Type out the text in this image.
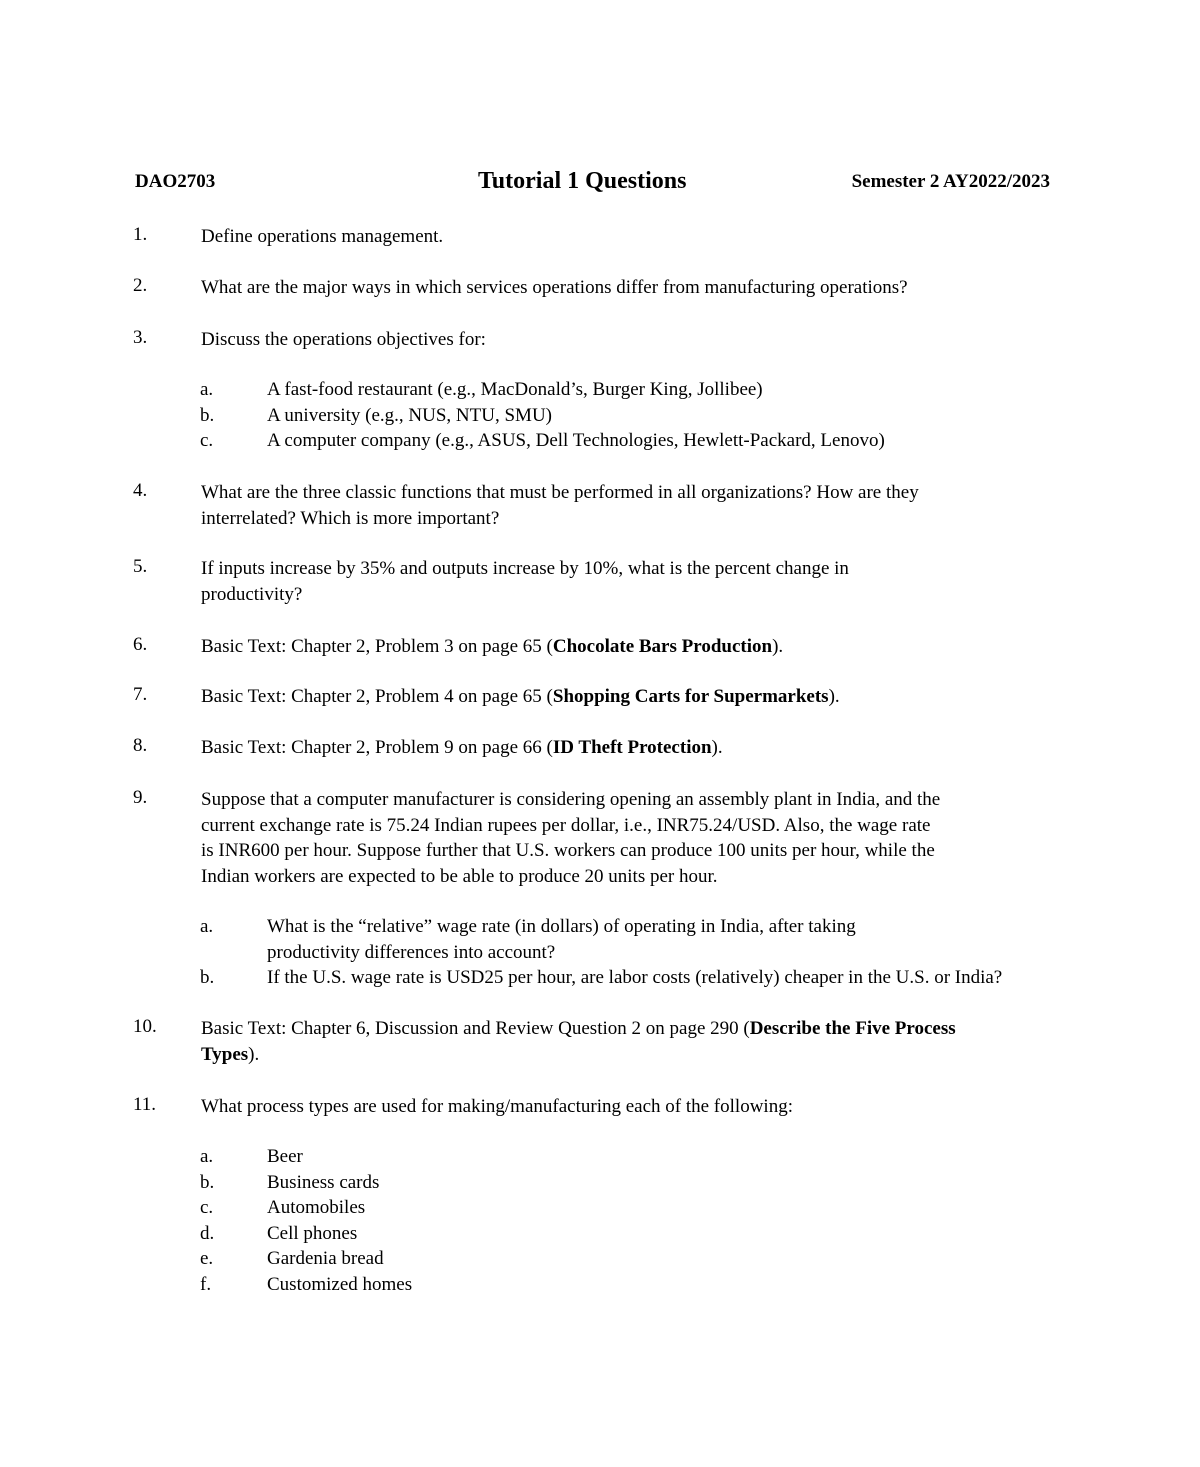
DAO2703	Tutorial 1 Questions	Semester 2 AY2022/2023
1.	Define operations management.
2.	What are the major ways in which services operations differ from manufacturing operations?
3.	Discuss the operations objectives for:
a.	A fast-food restaurant (e.g., MacDonald’s, Burger King, Jollibee)
b.	A university (e.g., NUS, NTU, SMU)
c.	A computer company (e.g., ASUS, Dell Technologies, Hewlett-Packard, Lenovo)
4.	What are the three classic functions that must be performed in all organizations? How are they
interrelated? Which is more important?
5.	If inputs increase by 35% and outputs increase by 10%, what is the percent change in
productivity?
6.	Basic Text: Chapter 2, Problem 3 on page 65 (Chocolate Bars Production).
7.	Basic Text: Chapter 2, Problem 4 on page 65 (Shopping Carts for Supermarkets).
8.	Basic Text: Chapter 2, Problem 9 on page 66 (ID Theft Protection).
9.	Suppose that a computer manufacturer is considering opening an assembly plant in India, and the
current exchange rate is 75.24 Indian rupees per dollar, i.e., INR75.24/USD. Also, the wage rate
is INR600 per hour. Suppose further that U.S. workers can produce 100 units per hour, while the
Indian workers are expected to be able to produce 20 units per hour.
a.	What is the “relative” wage rate (in dollars) of operating in India, after taking
productivity differences into account?
b.	If the U.S. wage rate is USD25 per hour, are labor costs (relatively) cheaper in the U.S. or India?
10. Basic Text: Chapter 6, Discussion and Review Question 2 on page 290 (Describe the Five Process
Types).
11. What process types are used for making/manufacturing each of the following:
a.	Beer
b.	Business cards
c.	Automobiles
d.	Cell phones
e.	Gardenia bread
f.	Customized homes
